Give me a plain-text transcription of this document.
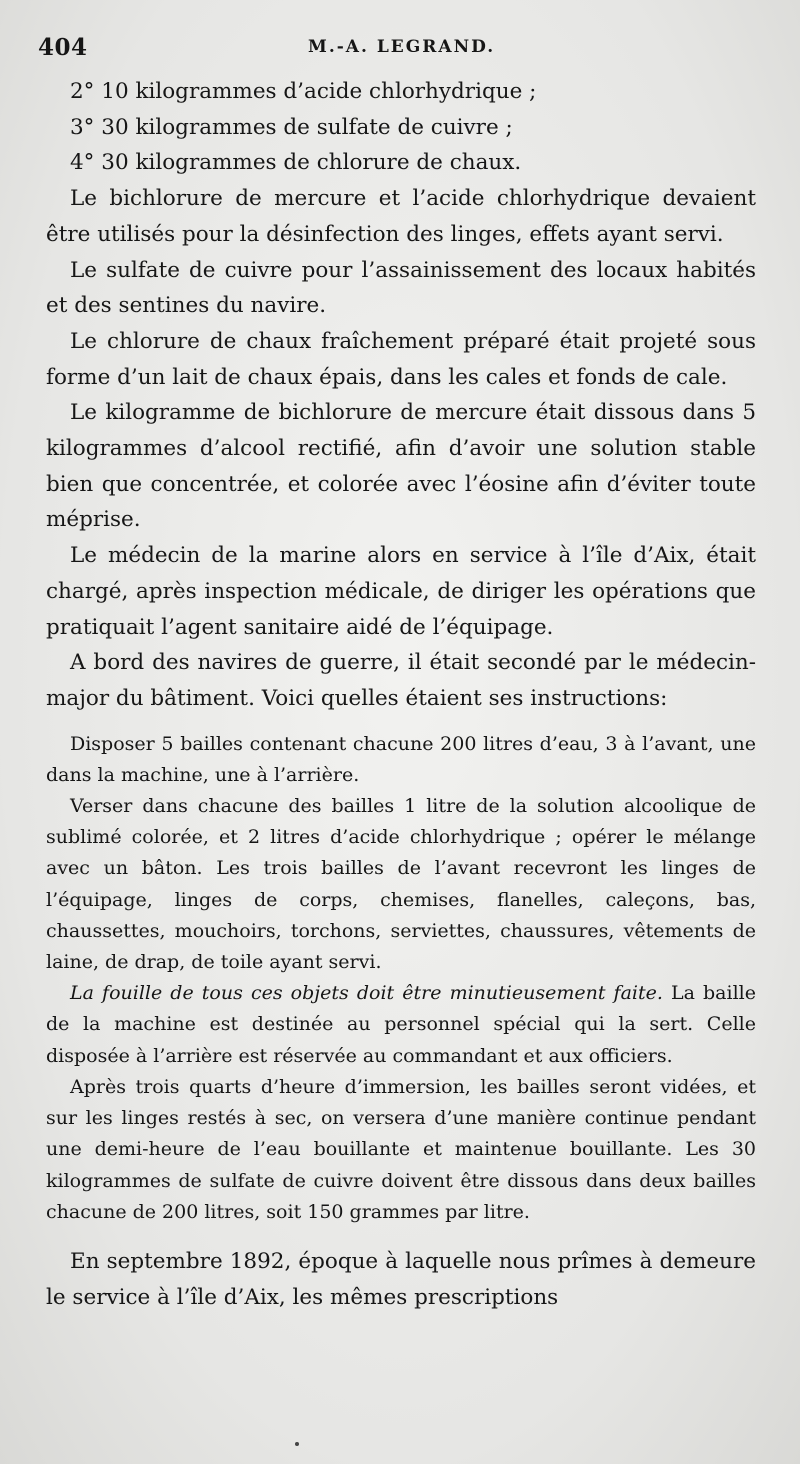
404	M.-A. LEGRAND.

2° 10 kilogrammes d’acide chlorhydrique ;

3° 30 kilogrammes de sulfate de cuivre ;

4° 30 kilogrammes de chlorure de chaux.

Le bichlorure de mercure et l’acide chlorhydrique devaient être utilisés pour la désinfection des linges, effets ayant servi.

Le sulfate de cuivre pour l’assainissement des locaux habités et des sentines du navire.

Le chlorure de chaux fraîchement préparé était projeté sous forme d’un lait de chaux épais, dans les cales et fonds de cale.

Le kilogramme de bichlorure de mercure était dissous dans 5 kilogrammes d’alcool rectifié, afin d’avoir une solution stable bien que concentrée, et colorée avec l’éosine afin d’éviter toute méprise.

Le médecin de la marine alors en service à l’île d’Aix, était chargé, après inspection médicale, de diriger les opérations que pratiquait l’agent sanitaire aidé de l’équipage.

A bord des navires de guerre, il était secondé par le médecin-major du bâtiment. Voici quelles étaient ses instructions:

Disposer 5 bailles contenant chacune 200 litres d’eau, 3 à l’avant, une dans la machine, une à l’arrière.

Verser dans chacune des bailles 1 litre de la solution alcoolique de sublimé colorée, et 2 litres d’acide chlorhydrique ; opérer le mélange avec un bâton. Les trois bailles de l’avant recevront les linges de l’équipage, linges de corps, chemises, flanelles, caleçons, bas, chaussettes, mouchoirs, torchons, serviettes, chaussures, vêtements de laine, de drap, de toile ayant servi.

La fouille de tous ces objets doit être minutieusement faite. La baille de la machine est destinée au personnel spécial qui la sert. Celle disposée à l’arrière est réservée au commandant et aux officiers.

Après trois quarts d’heure d’immersion, les bailles seront vidées, et sur les linges restés à sec, on versera d’une manière continue pendant une demi-heure de l’eau bouillante et maintenue bouillante. Les 30 kilogrammes de sulfate de cuivre doivent être dissous dans deux bailles chacune de 200 litres, soit 150 grammes par litre.

En septembre 1892, époque à laquelle nous prîmes à demeure le service à l’île d’Aix, les mêmes prescriptions
